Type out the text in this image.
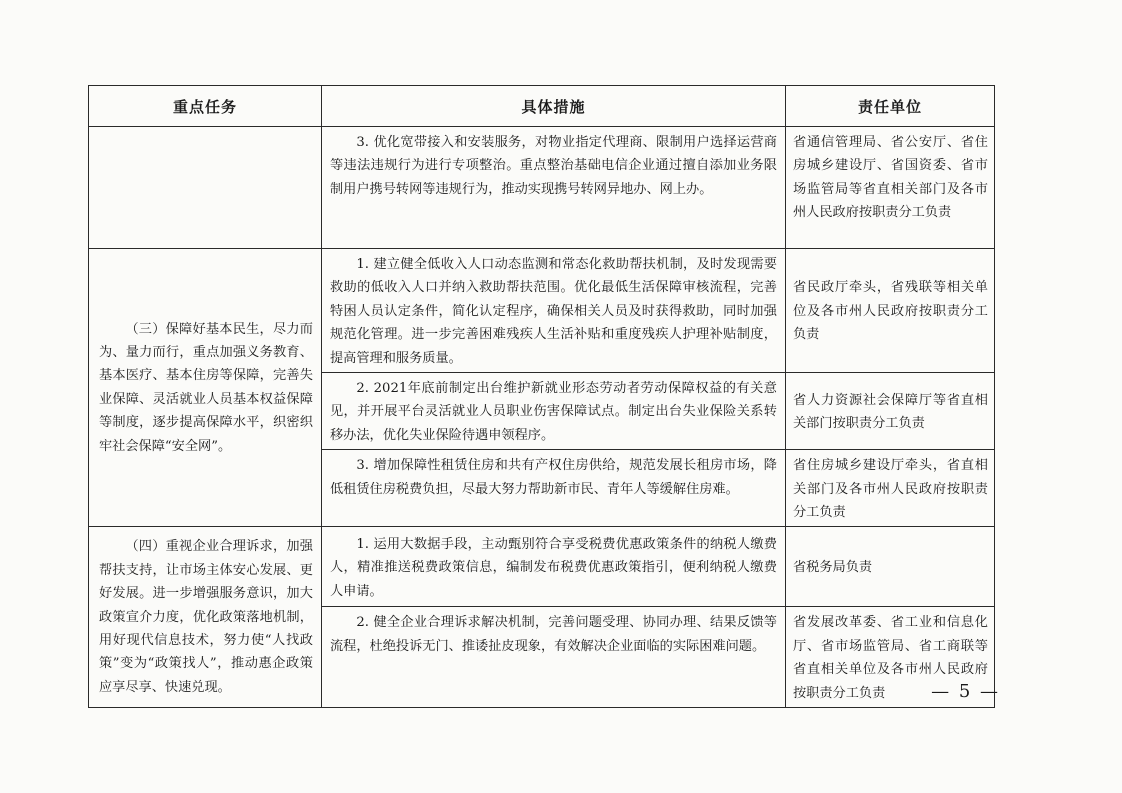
重点任务	具体措施	责任单位

	3. 优化宽带接入和安装服务，对物业指定代理商、限制用户选择运营商等违法违规行为进行专项整治。重点整治基础电信企业通过擅自添加业务限制用户携号转网等违规行为，推动实现携号转网异地办、网上办。	省通信管理局、省公安厅、省住房城乡建设厅、省国资委、省市场监管局等省直相关部门及各市州人民政府按职责分工负责

（三）保障好基本民生，尽力而为、量力而行，重点加强义务教育、基本医疗、基本住房等保障，完善失业保障、灵活就业人员基本权益保障等制度，逐步提高保障水平，织密织牢社会保障“安全网”。	1. 建立健全低收入人口动态监测和常态化救助帮扶机制，及时发现需要救助的低收入人口并纳入救助帮扶范围。优化最低生活保障审核流程，完善特困人员认定条件，简化认定程序，确保相关人员及时获得救助，同时加强规范化管理。进一步完善困难残疾人生活补贴和重度残疾人护理补贴制度，提高管理和服务质量。	省民政厅牵头，省残联等相关单位及各市州人民政府按职责分工负责

	2. 2021年底前制定出台维护新就业形态劳动者劳动保障权益的有关意见，并开展平台灵活就业人员职业伤害保障试点。制定出台失业保险关系转移办法，优化失业保险待遇申领程序。	省人力资源社会保障厅等省直相关部门按职责分工负责

	3. 增加保障性租赁住房和共有产权住房供给，规范发展长租房市场，降低租赁住房税费负担，尽最大努力帮助新市民、青年人等缓解住房难。	省住房城乡建设厅牵头，省直相关部门及各市州人民政府按职责分工负责

（四）重视企业合理诉求，加强帮扶支持，让市场主体安心发展、更好发展。进一步增强服务意识，加大政策宣介力度，优化政策落地机制，用好现代信息技术，努力使“人找政策”变为“政策找人”，推动惠企政策应享尽享、快速兑现。	1. 运用大数据手段，主动甄别符合享受税费优惠政策条件的纳税人缴费人，精准推送税费政策信息，编制发布税费优惠政策指引，便利纳税人缴费人申请。	省税务局负责

	2. 健全企业合理诉求解决机制，完善问题受理、协同办理、结果反馈等流程，杜绝投诉无门、推诿扯皮现象，有效解决企业面临的实际困难问题。	省发展改革委、省工业和信息化厅、省市场监管局、省工商联等省直相关单位及各市州人民政府按职责分工负责	— 5 —
